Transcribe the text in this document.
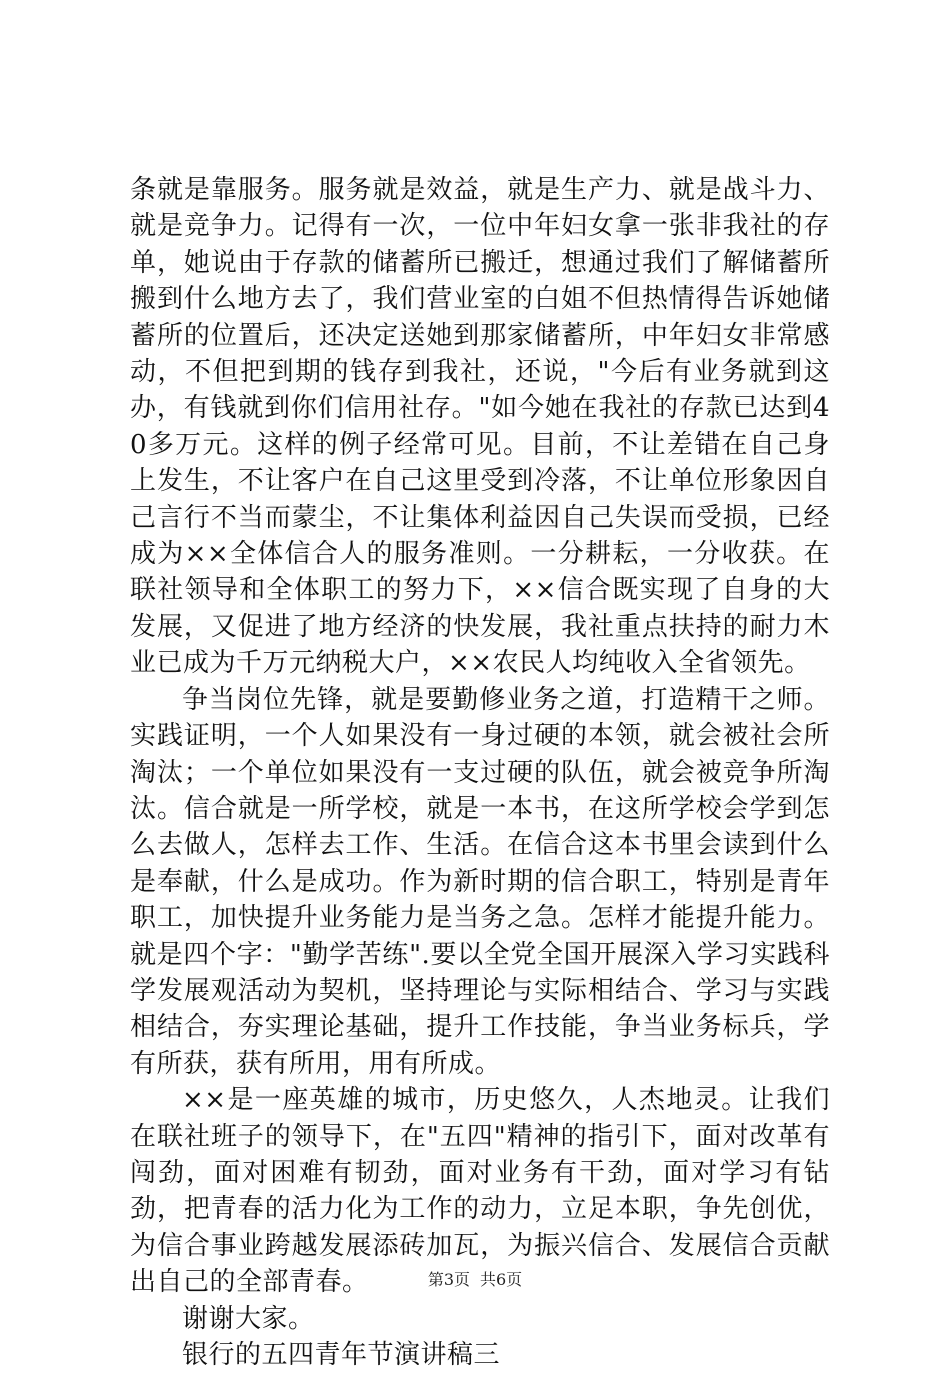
条就是靠服务。服务就是效益，就是生产力、就是战斗力、就是竞争力。记得有一次，一位中年妇女拿一张非我社的存单，她说由于存款的储蓄所已搬迁，想通过我们了解储蓄所搬到什么地方去了，我们营业室的白姐不但热情得告诉她储蓄所的位置后，还决定送她到那家储蓄所，中年妇女非常感动，不但把到期的钱存到我社，还说，"今后有业务就到这办，有钱就到你们信用社存。"如今她在我社的存款已达到40多万元。这样的例子经常可见。目前，不让差错在自己身上发生，不让客户在自己这里受到冷落，不让单位形象因自己言行不当而蒙尘，不让集体利益因自己失误而受损，已经成为××全体信合人的服务准则。一分耕耘，一分收获。在联社领导和全体职工的努力下，××信合既实现了自身的大发展，又促进了地方经济的快发展，我社重点扶持的耐力木业已成为千万元纳税大户，××农民人均纯收入全省领先。

争当岗位先锋，就是要勤修业务之道，打造精干之师。实践证明，一个人如果没有一身过硬的本领，就会被社会所淘汰；一个单位如果没有一支过硬的队伍，就会被竞争所淘汰。信合就是一所学校，就是一本书，在这所学校会学到怎么去做人，怎样去工作、生活。在信合这本书里会读到什么是奉献，什么是成功。作为新时期的信合职工，特别是青年职工，加快提升业务能力是当务之急。怎样才能提升能力。就是四个字："勤学苦练".要以全党全国开展深入学习实践科学发展观活动为契机，坚持理论与实际相结合、学习与实践相结合，夯实理论基础，提升工作技能，争当业务标兵，学有所获，获有所用，用有所成。

××是一座英雄的城市，历史悠久，人杰地灵。让我们在联社班子的领导下，在"五四"精神的指引下，面对改革有闯劲，面对困难有韧劲，面对业务有干劲，面对学习有钻劲，把青春的活力化为工作的动力，立足本职，争先创优，为信合事业跨越发展添砖加瓦，为振兴信合、发展信合贡献出自己的全部青春。

谢谢大家。

银行的五四青年节演讲稿三

第3页 共6页
